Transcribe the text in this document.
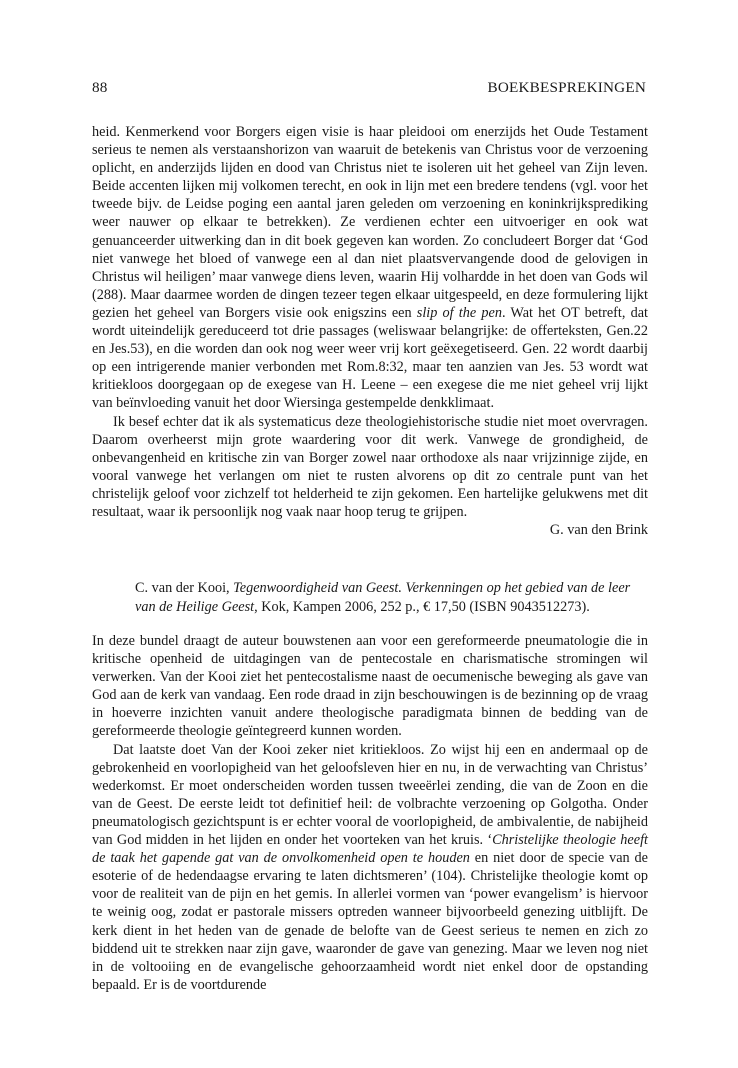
88	BOEKBESPREKINGEN

heid. Kenmerkend voor Borgers eigen visie is haar pleidooi om enerzijds het Oude Testament serieus te nemen als verstaanshorizon van waaruit de betekenis van Christus voor de verzoening oplicht, en anderzijds lijden en dood van Christus niet te isoleren uit het geheel van Zijn leven. Beide accenten lijken mij volkomen terecht, en ook in lijn met een bredere tendens (vgl. voor het tweede bijv. de Leidse poging een aantal jaren geleden om verzoening en koninkrijksprediking weer nauwer op elkaar te betrekken). Ze verdienen echter een uitvoeriger en ook wat genuanceerder uitwerking dan in dit boek gegeven kan worden. Zo concludeert Borger dat ‘God niet vanwege het bloed of vanwege een al dan niet plaatsvervangende dood de gelovigen in Christus wil heiligen’ maar vanwege diens leven, waarin Hij volhardde in het doen van Gods wil (288). Maar daarmee worden de dingen tezeer tegen elkaar uitgespeeld, en deze formulering lijkt gezien het geheel van Borgers visie ook enigszins een slip of the pen. Wat het OT betreft, dat wordt uiteindelijk gereduceerd tot drie passages (weliswaar belangrijke: de offerteksten, Gen.22 en Jes.53), en die worden dan ook nog weer weer vrij kort geëxegetiseerd. Gen. 22 wordt daarbij op een intrigerende manier verbonden met Rom.8:32, maar ten aanzien van Jes. 53 wordt wat kritiekloos doorgegaan op de exegese van H. Leene – een exegese die me niet geheel vrij lijkt van beïnvloeding vanuit het door Wiersinga gestempelde denkklimaat.

Ik besef echter dat ik als systematicus deze theologiehistorische studie niet moet overvragen. Daarom overheerst mijn grote waardering voor dit werk. Vanwege de grondigheid, de onbevangenheid en kritische zin van Borger zowel naar orthodoxe als naar vrijzinnige zijde, en vooral vanwege het verlangen om niet te rusten alvorens op dit zo centrale punt van het christelijk geloof voor zichzelf tot helderheid te zijn gekomen. Een hartelijke gelukwens met dit resultaat, waar ik persoonlijk nog vaak naar hoop terug te grijpen.

G. van den Brink

C. van der Kooi, Tegenwoordigheid van Geest. Verkenningen op het gebied van de leer van de Heilige Geest, Kok, Kampen 2006, 252 p., € 17,50 (ISBN 9043512273).

In deze bundel draagt de auteur bouwstenen aan voor een gereformeerde pneumatologie die in kritische openheid de uitdagingen van de pentecostale en charismatische stromingen wil verwerken. Van der Kooi ziet het pentecostalisme naast de oecumenische beweging als gave van God aan de kerk van vandaag. Een rode draad in zijn beschouwingen is de bezinning op de vraag in hoeverre inzichten vanuit andere theologische paradigmata binnen de bedding van de gereformeerde theologie geïntegreerd kunnen worden.

Dat laatste doet Van der Kooi zeker niet kritiekloos. Zo wijst hij een en andermaal op de gebrokenheid en voorlopigheid van het geloofsleven hier en nu, in de verwachting van Christus’ wederkomst. Er moet onderscheiden worden tussen tweeërlei zending, die van de Zoon en die van de Geest. De eerste leidt tot definitief heil: de volbrachte verzoening op Golgotha. Onder pneumatologisch gezichtspunt is er echter vooral de voorlopigheid, de ambivalentie, de nabijheid van God midden in het lijden en onder het voorteken van het kruis. ‘Christelijke theologie heeft de taak het gapende gat van de onvolkomenheid open te houden en niet door de specie van de esoterie of de hedendaagse ervaring te laten dichtsmeren’ (104). Christelijke theologie komt op voor de realiteit van de pijn en het gemis. In allerlei vormen van ‘power evangelism’ is hiervoor te weinig oog, zodat er pastorale missers optreden wanneer bijvoorbeeld genezing uitblijft. De kerk dient in het heden van de genade de belofte van de Geest serieus te nemen en zich zo biddend uit te strekken naar zijn gave, waaronder de gave van genezing. Maar we leven nog niet in de voltooiing en de evangelische gehoorzaamheid wordt niet enkel door de opstanding bepaald. Er is de voortdurende
